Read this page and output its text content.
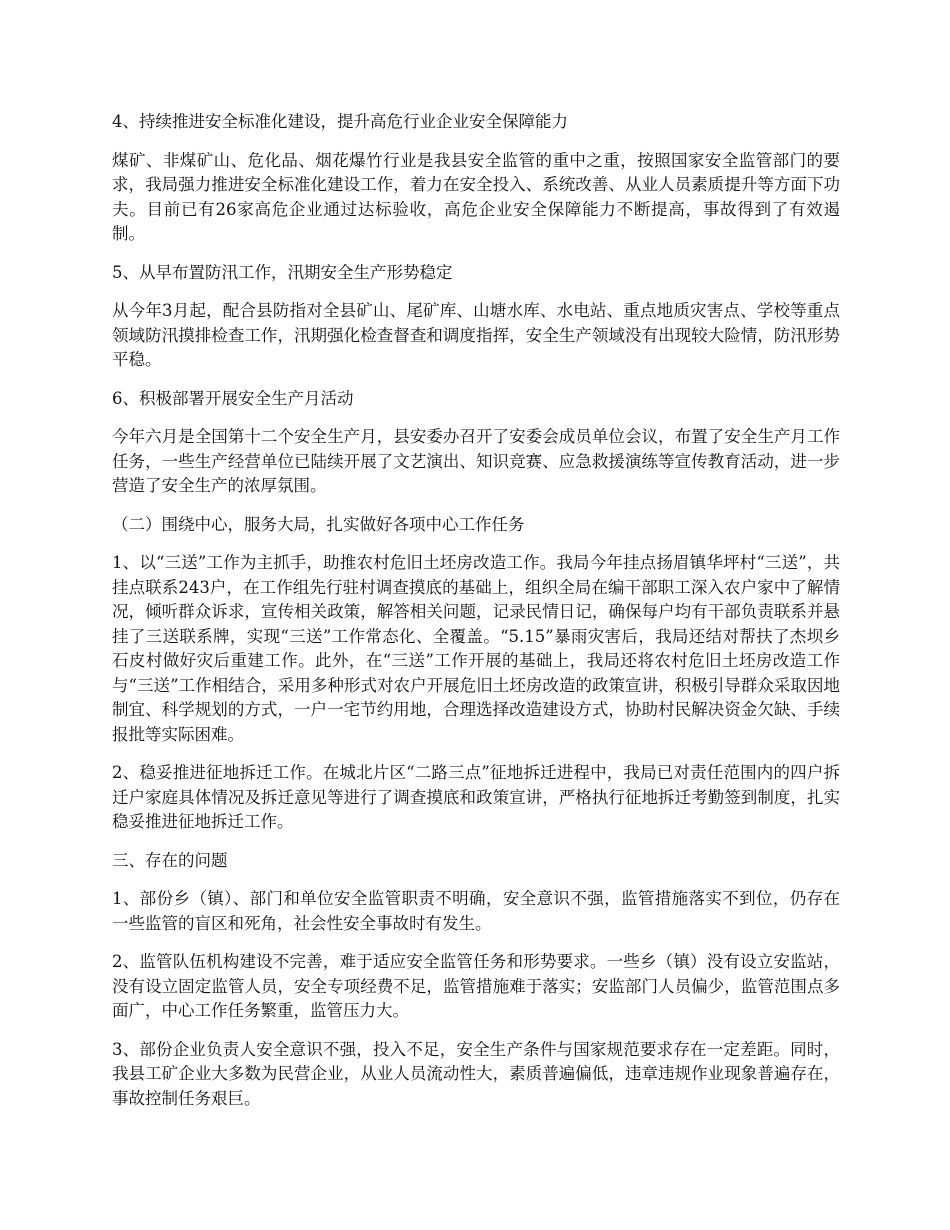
4、持续推进安全标准化建设，提升高危行业企业安全保障能力

煤矿、非煤矿山、危化品、烟花爆竹行业是我县安全监管的重中之重，按照国家安全监管部门的要求，我局强力推进安全标准化建设工作，着力在安全投入、系统改善、从业人员素质提升等方面下功夫。目前已有26家高危企业通过达标验收，高危企业安全保障能力不断提高，事故得到了有效遏制。

5、从早布置防汛工作，汛期安全生产形势稳定

从今年3月起，配合县防指对全县矿山、尾矿库、山塘水库、水电站、重点地质灾害点、学校等重点领域防汛摸排检查工作，汛期强化检查督查和调度指挥，安全生产领域没有出现较大险情，防汛形势平稳。

6、积极部署开展安全生产月活动

今年六月是全国第十二个安全生产月，县安委办召开了安委会成员单位会议，布置了安全生产月工作任务，一些生产经营单位已陆续开展了文艺演出、知识竞赛、应急救援演练等宣传教育活动，进一步营造了安全生产的浓厚氛围。

（二）围绕中心，服务大局，扎实做好各项中心工作任务

1、以“三送”工作为主抓手，助推农村危旧土坯房改造工作。我局今年挂点扬眉镇华坪村“三送”，共挂点联系243户，在工作组先行驻村调查摸底的基础上，组织全局在编干部职工深入农户家中了解情况，倾听群众诉求，宣传相关政策，解答相关问题，记录民情日记，确保每户均有干部负责联系并悬挂了三送联系牌，实现“三送”工作常态化、全覆盖。“5.15”暴雨灾害后，我局还结对帮扶了杰坝乡石皮村做好灾后重建工作。此外，在“三送”工作开展的基础上，我局还将农村危旧土坯房改造工作与“三送”工作相结合，采用多种形式对农户开展危旧土坯房改造的政策宣讲，积极引导群众采取因地制宜、科学规划的方式，一户一宅节约用地，合理选择改造建设方式，协助村民解决资金欠缺、手续报批等实际困难。

2、稳妥推进征地拆迁工作。在城北片区“二路三点”征地拆迁进程中，我局已对责任范围内的四户拆迁户家庭具体情况及拆迁意见等进行了调查摸底和政策宣讲，严格执行征地拆迁考勤签到制度，扎实稳妥推进征地拆迁工作。

三、存在的问题

1、部份乡（镇）、部门和单位安全监管职责不明确，安全意识不强，监管措施落实不到位，仍存在一些监管的盲区和死角，社会性安全事故时有发生。

2、监管队伍机构建设不完善，难于适应安全监管任务和形势要求。一些乡（镇）没有设立安监站，没有设立固定监管人员，安全专项经费不足，监管措施难于落实；安监部门人员偏少，监管范围点多面广，中心工作任务繁重，监管压力大。

3、部份企业负责人安全意识不强，投入不足，安全生产条件与国家规范要求存在一定差距。同时，我县工矿企业大多数为民营企业，从业人员流动性大，素质普遍偏低，违章违规作业现象普遍存在，事故控制任务艰巨。
